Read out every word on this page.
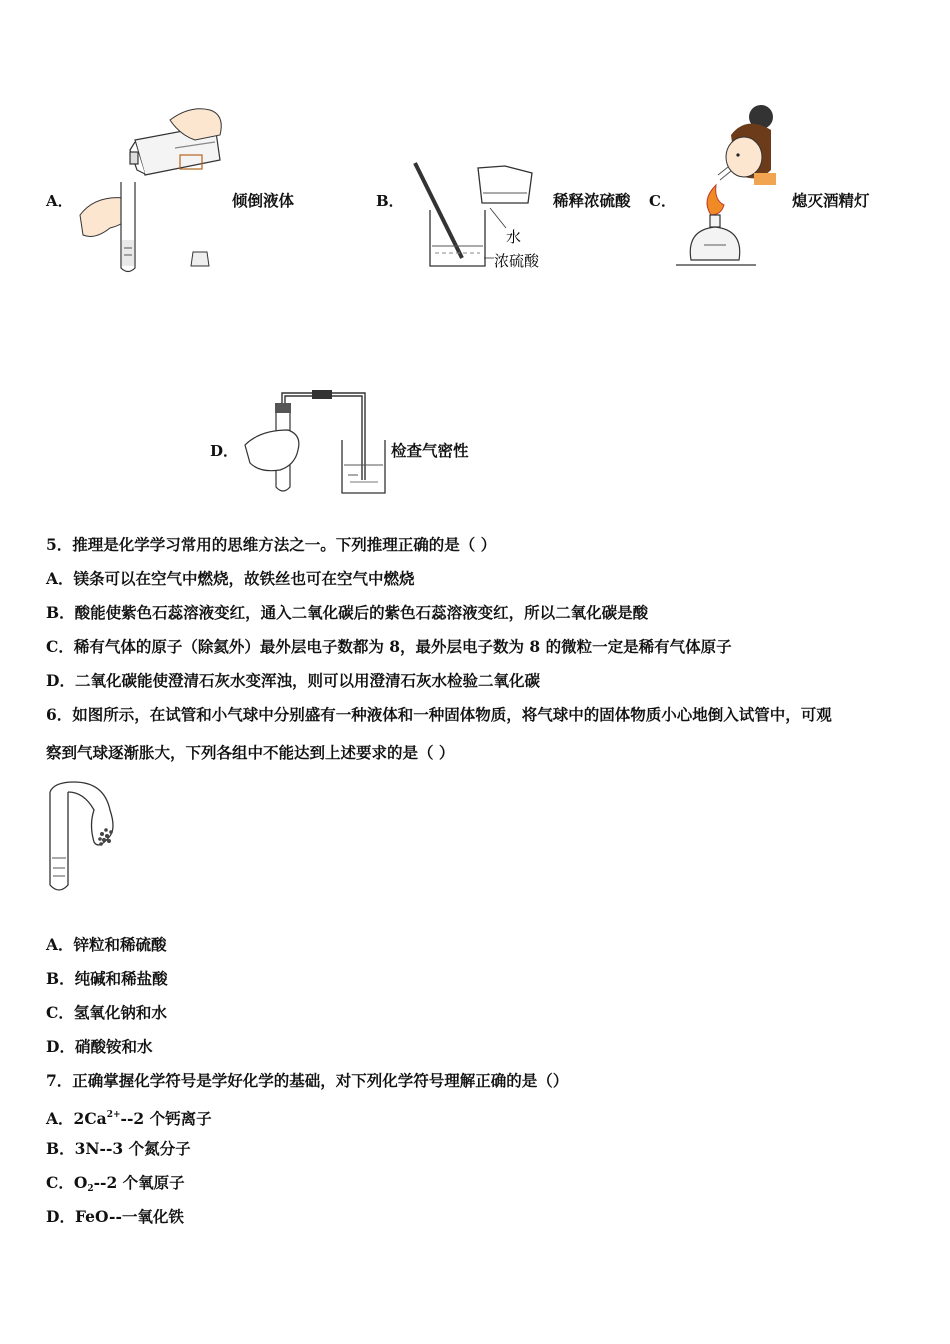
A．	倾倒液体	B．
水
浓硫酸
稀释浓硫酸 C．	熄灭酒精灯
D．	检查气密性
5．推理是化学学习常用的思维方法之一。下列推理正确的是（ ）
A．镁条可以在空气中燃烧，故铁丝也可在空气中燃烧
B．酸能使紫色石蕊溶液变红，通入二氧化碳后的紫色石蕊溶液变红，所以二氧化碳是酸
C．稀有气体的原子（除氦外）最外层电子数都为 8，最外层电子数为 8 的微粒一定是稀有气体原子
D．二氧化碳能使澄清石灰水变浑浊，则可以用澄清石灰水检验二氧化碳
6．如图所示，在试管和小气球中分别盛有一种液体和一种固体物质，将气球中的固体物质小心地倒入试管中，可观
察到气球逐渐胀大，下列各组中不能达到上述要求的是（ ）
A．锌粒和稀硫酸
B．纯碱和稀盐酸
C．氢氧化钠和水
D．硝酸铵和水
7．正确掌握化学符号是学好化学的基础，对下列化学符号理解正确的是（）
A．$2Ca^{2+}--2$ 个钙离子
B．3N--3 个氮分子
C．$O_2--2$ 个氧原子
D．FeO--一氧化铁
